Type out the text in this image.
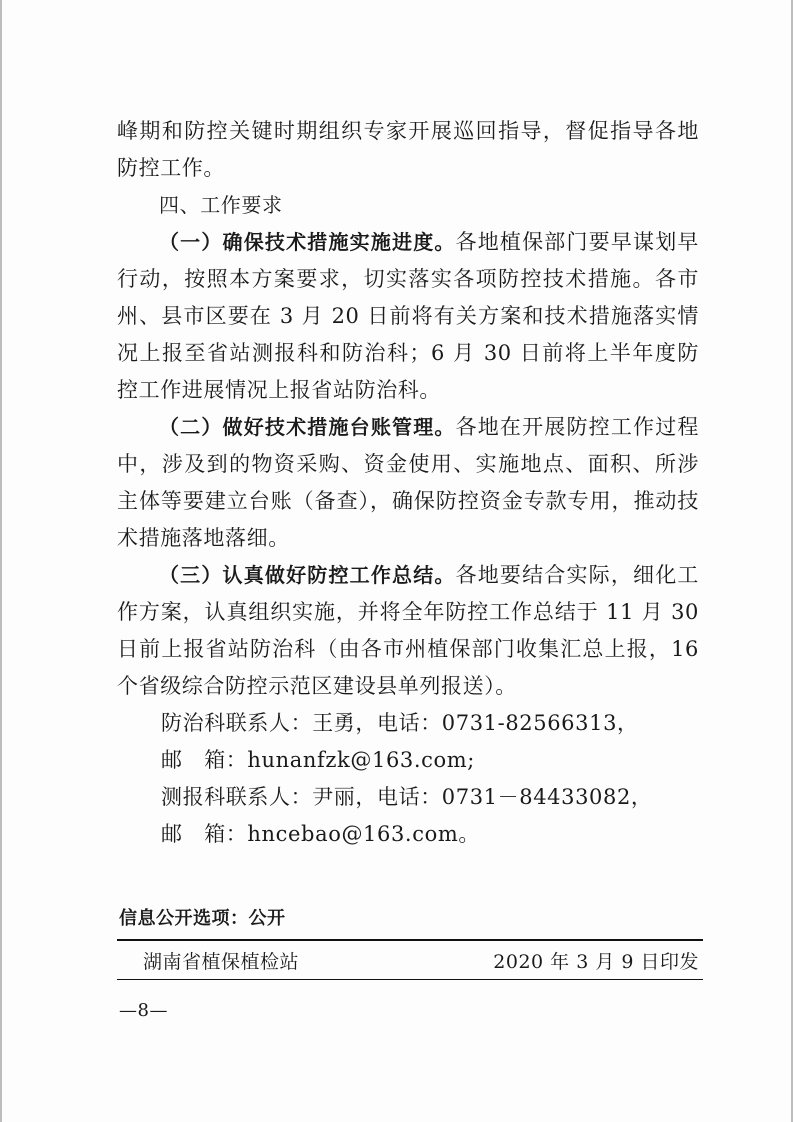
峰期和防控关键时期组织专家开展巡回指导，督促指导各地防控工作。

四、工作要求

（一）确保技术措施实施进度。各地植保部门要早谋划早行动，按照本方案要求，切实落实各项防控技术措施。各市州、县市区要在 3 月 20 日前将有关方案和技术措施落实情况上报至省站测报科和防治科；6 月 30 日前将上半年度防控工作进展情况上报省站防治科。

（二）做好技术措施台账管理。各地在开展防控工作过程中，涉及到的物资采购、资金使用、实施地点、面积、所涉主体等要建立台账（备查），确保防控资金专款专用，推动技术措施落地落细。

（三）认真做好防控工作总结。各地要结合实际，细化工作方案，认真组织实施，并将全年防控工作总结于 11 月 30 日前上报省站防治科（由各市州植保部门收集汇总上报，16 个省级综合防控示范区建设县单列报送）。

防治科联系人：王勇，电话：0731-82566313，

邮　箱：hunanfzk@163.com;

测报科联系人：尹丽，电话：0731－84433082，

邮　箱：hncebao@163.com。

信息公开选项：公开
湖南省植保植检站	2020 年 3 月 9 日印发
—8—
